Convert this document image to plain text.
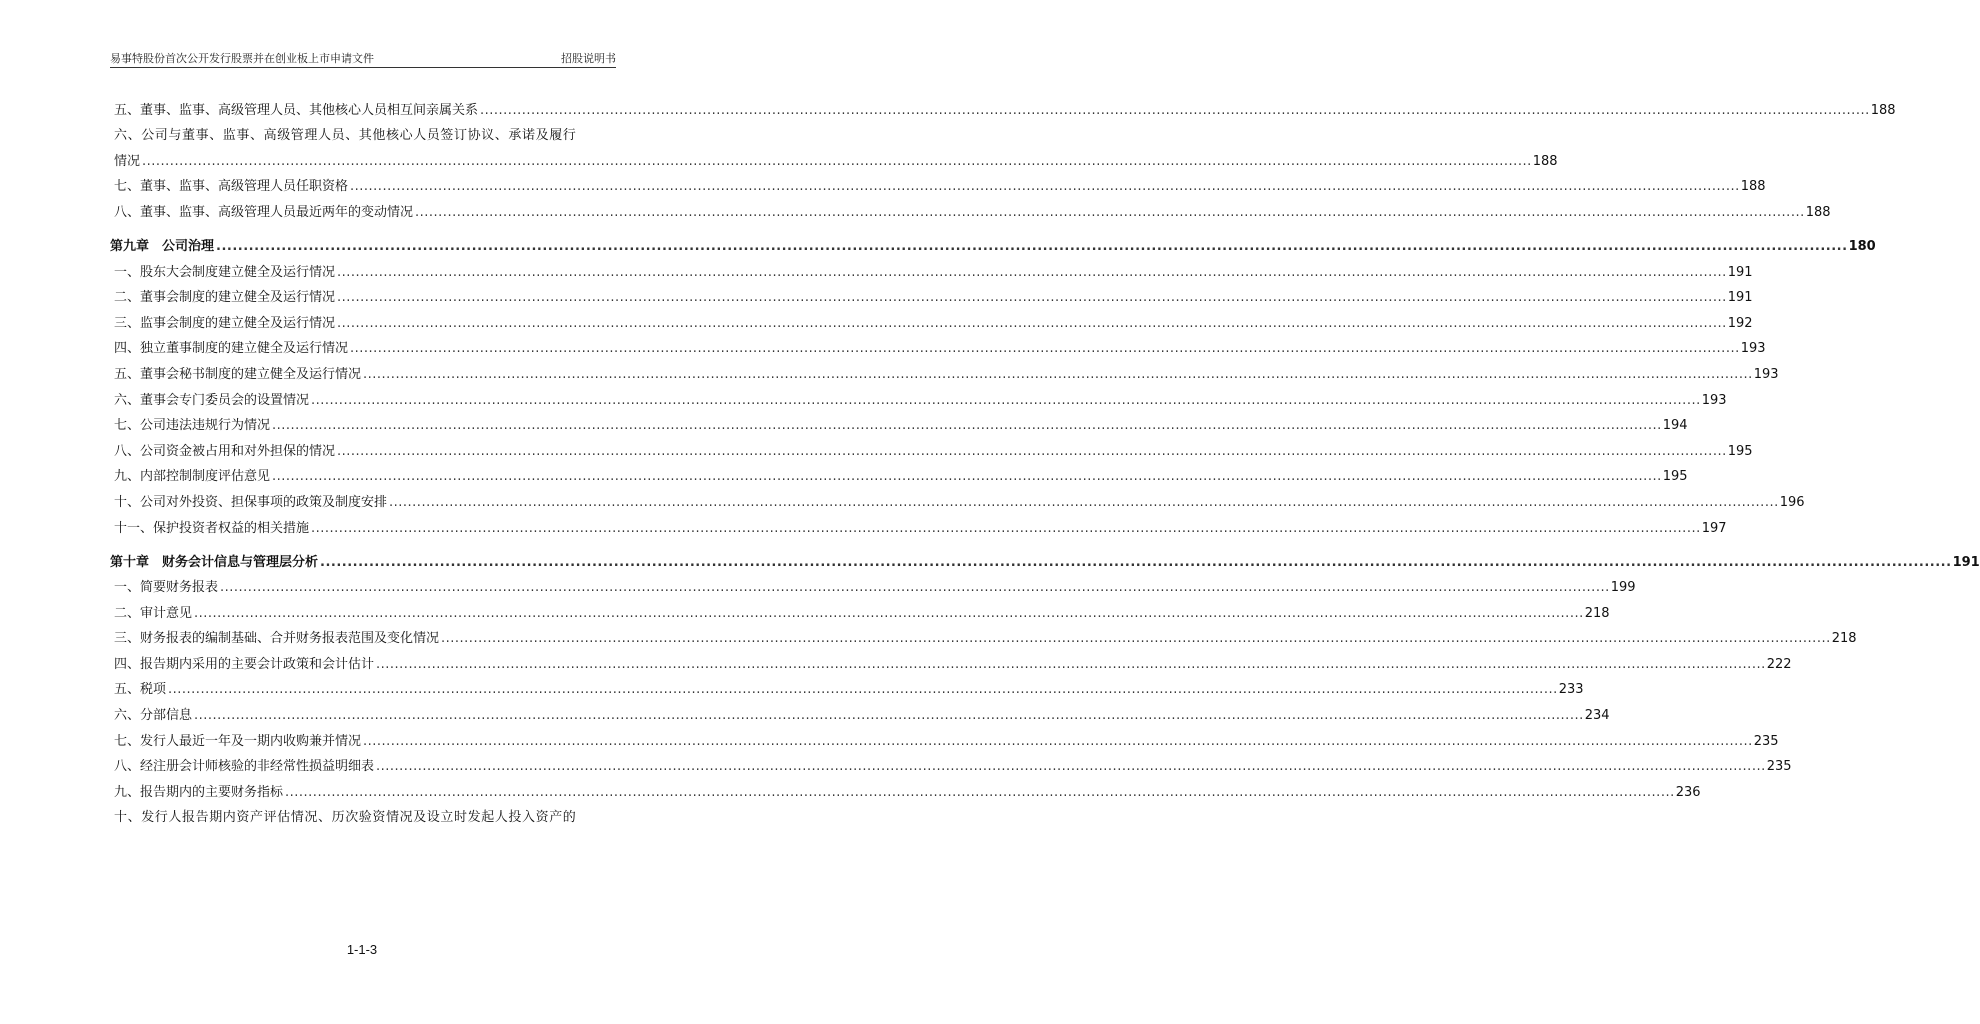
易事特股份首次公开发行股票并在创业板上市申请文件	招股说明书
五、董事、监事、高级管理人员、其他核心人员相互间亲属关系 ............................................................................................................................................................................................................................................................................................................ 188
六、公司与董事、监事、高级管理人员、其他核心人员签订协议、承诺及履行
情况 ............................................................................................................................................................................................................................................................................................................ 188
七、董事、监事、高级管理人员任职资格 ............................................................................................................................................................................................................................................................................................................ 188
八、董事、监事、高级管理人员最近两年的变动情况 ............................................................................................................................................................................................................................................................................................................ 188
第九章　公司治理 ............................................................................................................................................................................................................................................................................................................ 180
一、股东大会制度建立健全及运行情况 ............................................................................................................................................................................................................................................................................................................ 191
二、董事会制度的建立健全及运行情况 ............................................................................................................................................................................................................................................................................................................ 191
三、监事会制度的建立健全及运行情况 ............................................................................................................................................................................................................................................................................................................ 192
四、独立董事制度的建立健全及运行情况 ............................................................................................................................................................................................................................................................................................................ 193
五、董事会秘书制度的建立健全及运行情况 ............................................................................................................................................................................................................................................................................................................ 193
六、董事会专门委员会的设置情况 ............................................................................................................................................................................................................................................................................................................ 193
七、公司违法违规行为情况 ............................................................................................................................................................................................................................................................................................................ 194
八、公司资金被占用和对外担保的情况 ............................................................................................................................................................................................................................................................................................................ 195
九、内部控制制度评估意见 ............................................................................................................................................................................................................................................................................................................ 195
十、公司对外投资、担保事项的政策及制度安排 ............................................................................................................................................................................................................................................................................................................ 196
十一、保护投资者权益的相关措施 ............................................................................................................................................................................................................................................................................................................ 197
第十章　财务会计信息与管理层分析 ............................................................................................................................................................................................................................................................................................................ 191
一、简要财务报表 ............................................................................................................................................................................................................................................................................................................ 199
二、审计意见 ............................................................................................................................................................................................................................................................................................................ 218
三、财务报表的编制基础、合并财务报表范围及变化情况 ............................................................................................................................................................................................................................................................................................................ 218
四、报告期内采用的主要会计政策和会计估计 ............................................................................................................................................................................................................................................................................................................ 222
五、税项 ............................................................................................................................................................................................................................................................................................................ 233
六、分部信息 ............................................................................................................................................................................................................................................................................................................ 234
七、发行人最近一年及一期内收购兼并情况 ............................................................................................................................................................................................................................................................................................................ 235
八、经注册会计师核验的非经常性损益明细表 ............................................................................................................................................................................................................................................................................................................ 235
九、报告期内的主要财务指标 ............................................................................................................................................................................................................................................................................................................ 236
十、发行人报告期内资产评估情况、历次验资情况及设立时发起人投入资产的
1-1-3
